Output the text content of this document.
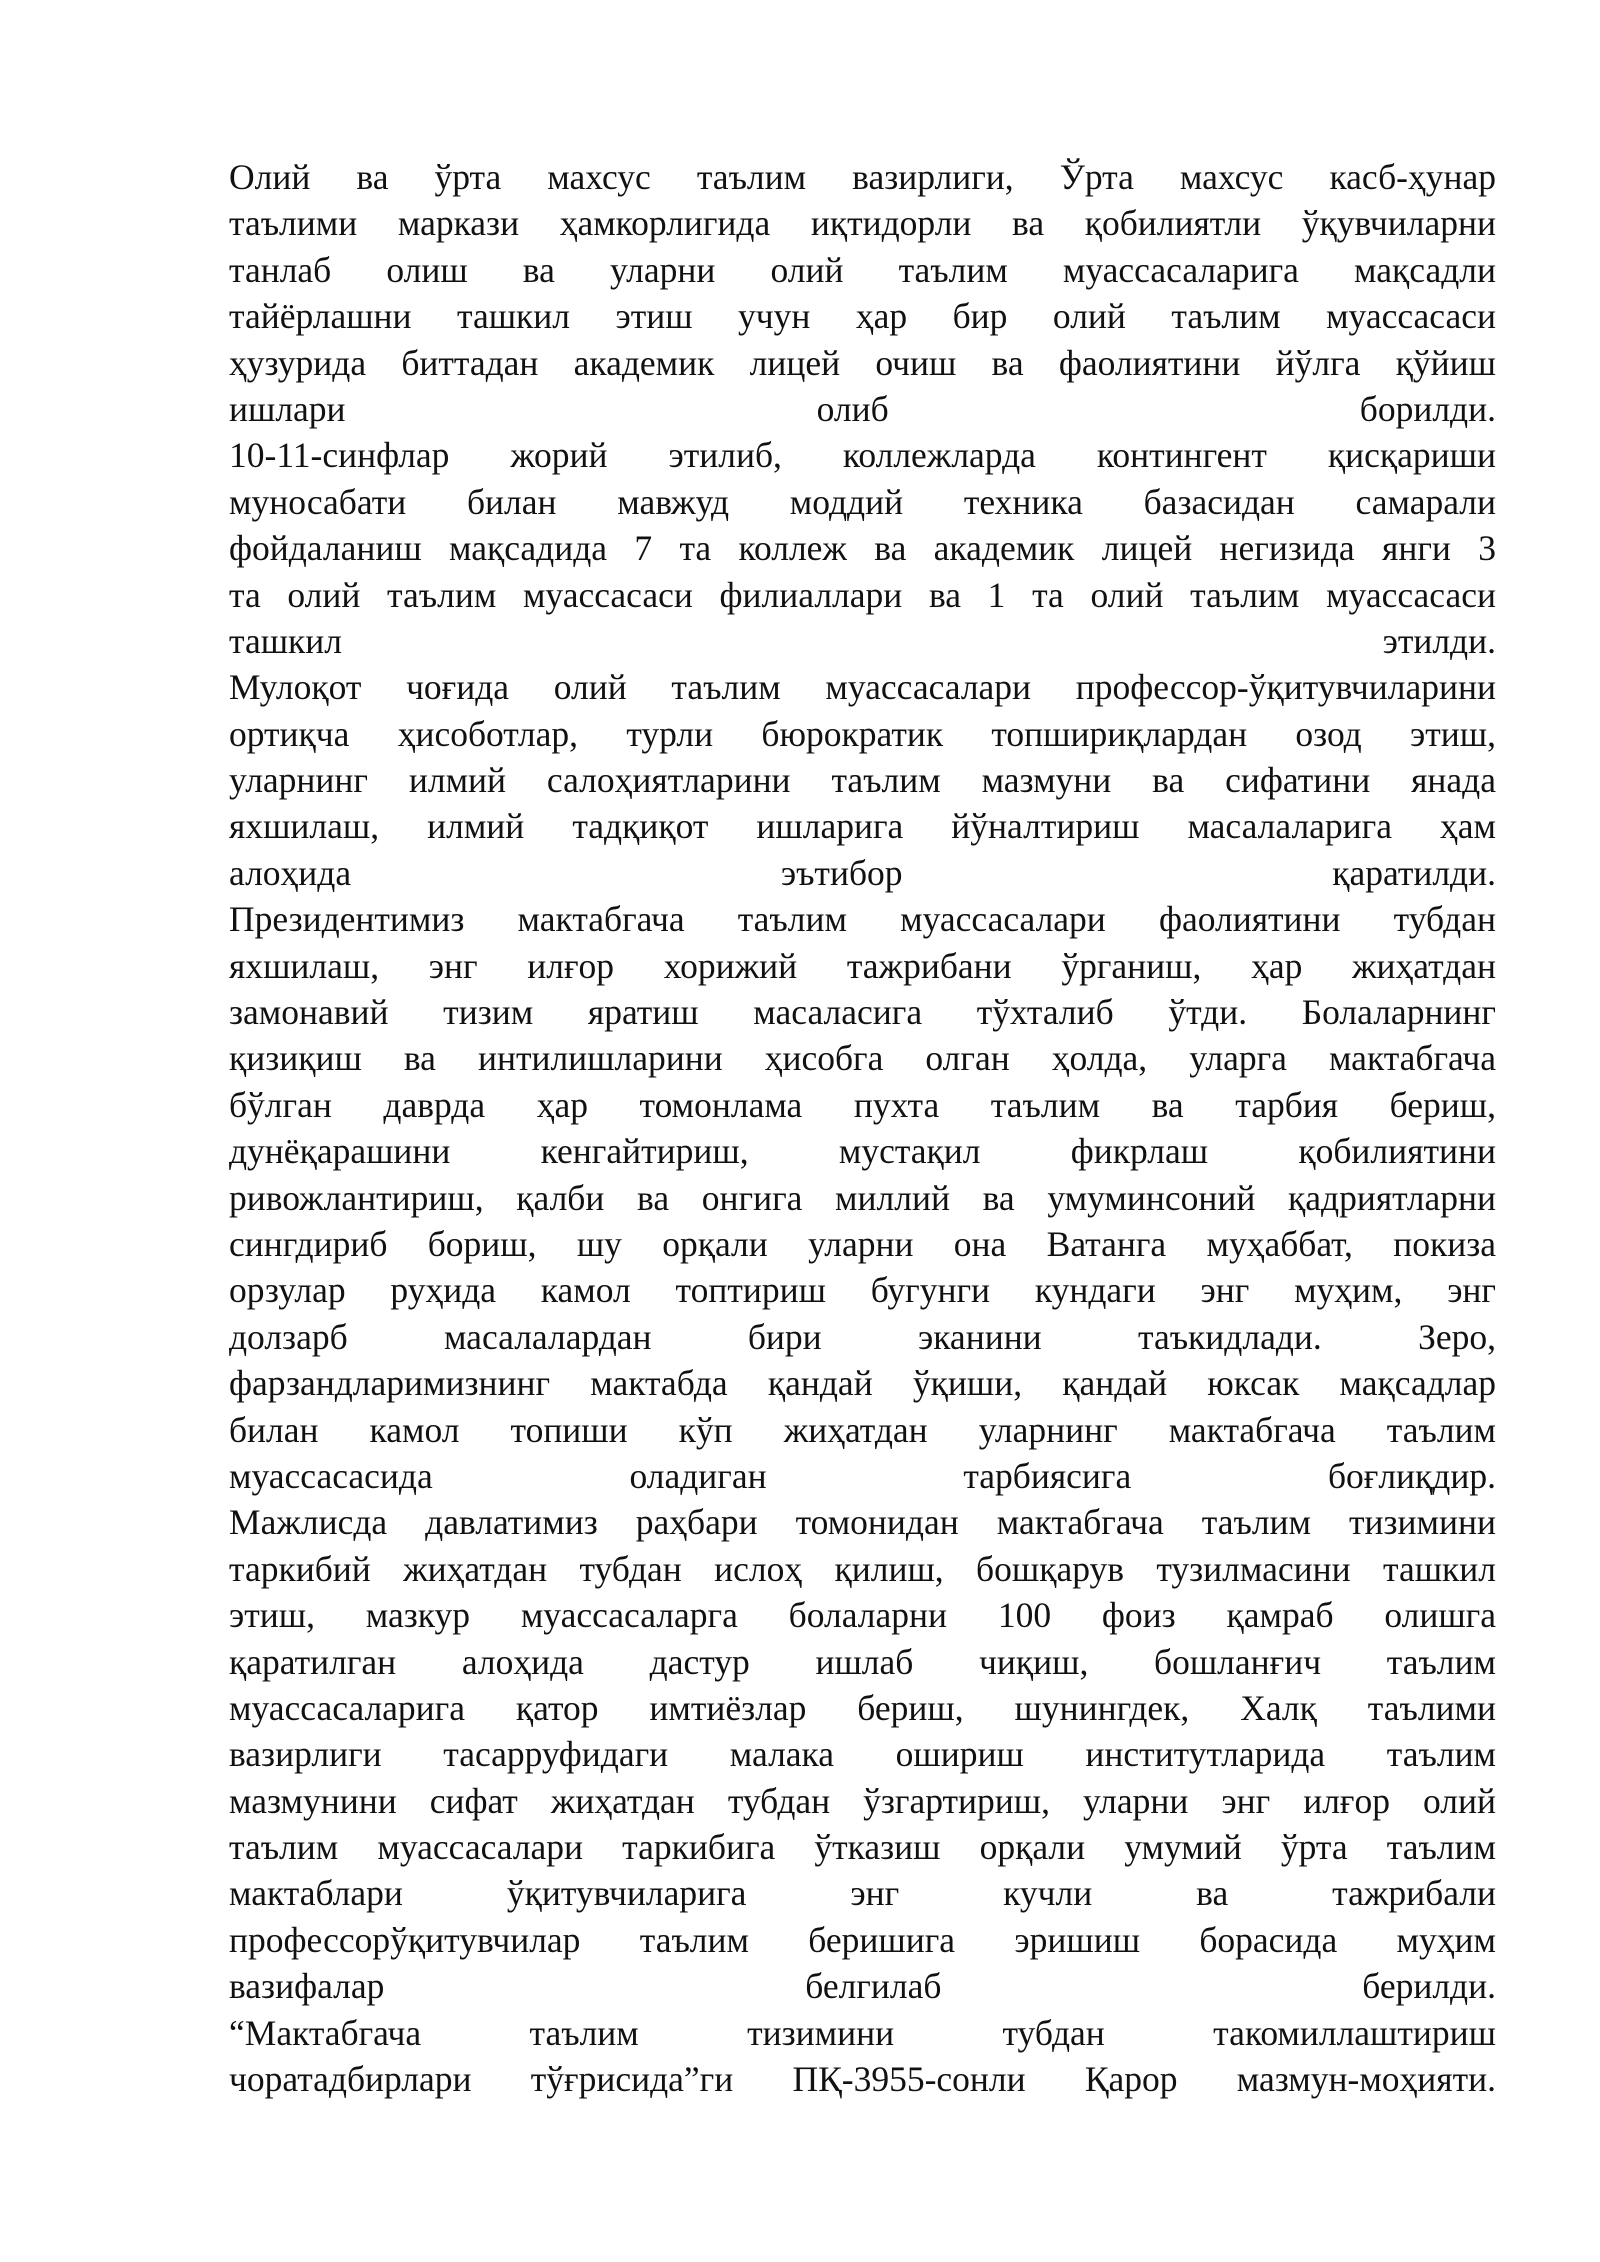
Олий ва ўрта махсус таълим вазирлиги, Ўрта махсус касб-ҳунар
таълими маркази ҳамкорлигида иқтидорли ва қобилиятли ўқувчиларни
танлаб олиш ва уларни олий таълим муассасаларига мақсадли
тайёрлашни ташкил этиш учун ҳар бир олий таълим муассасаси
ҳузурида биттадан академик лицей очиш ва фаолиятини йўлга қўйиш
ишлари олиб борилди.
10-11-синфлар жорий этилиб, коллежларда контингент қисқариши
муносабати билан мавжуд моддий техника базасидан самарали
фойдаланиш мақсадида 7 та коллеж ва академик лицей негизида янги 3
та олий таълим муассасаси филиаллари ва 1 та олий таълим муассасаси
ташкил этилди.
Мулоқот чоғида олий таълим муассасалари профессор-ўқитувчиларини
ортиқча ҳисоботлар, турли бюрократик топшириқлардан озод этиш,
уларнинг илмий салоҳиятларини таълим мазмуни ва сифатини янада
яхшилаш, илмий тадқиқот ишларига йўналтириш масалаларига ҳам
алоҳида эътибор қаратилди.
Президентимиз мактабгача таълим муассасалари фаолиятини тубдан
яхшилаш, энг илғор хорижий тажрибани ўрганиш, ҳар жиҳатдан
замонавий тизим яратиш масаласига тўхталиб ўтди. Болаларнинг
қизиқиш ва интилишларини ҳисобга олган ҳолда, уларга мактабгача
бўлган даврда ҳар томонлама пухта таълим ва тарбия бериш,
дунёқарашини кенгайтириш, мустақил фикрлаш қобилиятини
ривожлантириш, қалби ва онгига миллий ва умуминсоний қадриятларни
сингдириб бориш, шу орқали уларни она Ватанга муҳаббат, покиза
орзулар руҳида камол топтириш бугунги кундаги энг муҳим, энг
долзарб масалалардан бири эканини таъкидлади. Зеро,
фарзандларимизнинг мактабда қандай ўқиши, қандай юксак мақсадлар
билан камол топиши кўп жиҳатдан уларнинг мактабгача таълим
муассасасида оладиган тарбиясига боғлиқдир.
Мажлисда давлатимиз раҳбари томонидан мактабгача таълим тизимини
таркибий жиҳатдан тубдан ислоҳ қилиш, бошқарув тузилмасини ташкил
этиш, мазкур муассасаларга болаларни 100 фоиз қамраб олишга
қаратилган алоҳида дастур ишлаб чиқиш, бошланғич таълим
муассасаларига қатор имтиёзлар бериш, шунингдек, Халқ таълими
вазирлиги тасарруфидаги малака ошириш институтларида таълим
мазмунини сифат жиҳатдан тубдан ўзгартириш, уларни энг илғор олий
таълим муассасалари таркибига ўтказиш орқали умумий ўрта таълим
мактаблари ўқитувчиларига энг кучли ва тажрибали
профессорўқитувчилар таълим беришига эришиш борасида муҳим
вазифалар белгилаб берилди.
“Мактабгача таълим тизимини тубдан такомиллаштириш
чоратадбирлари тўғрисида”ги ПҚ-3955-сонли Қарор мазмун-моҳияти.
